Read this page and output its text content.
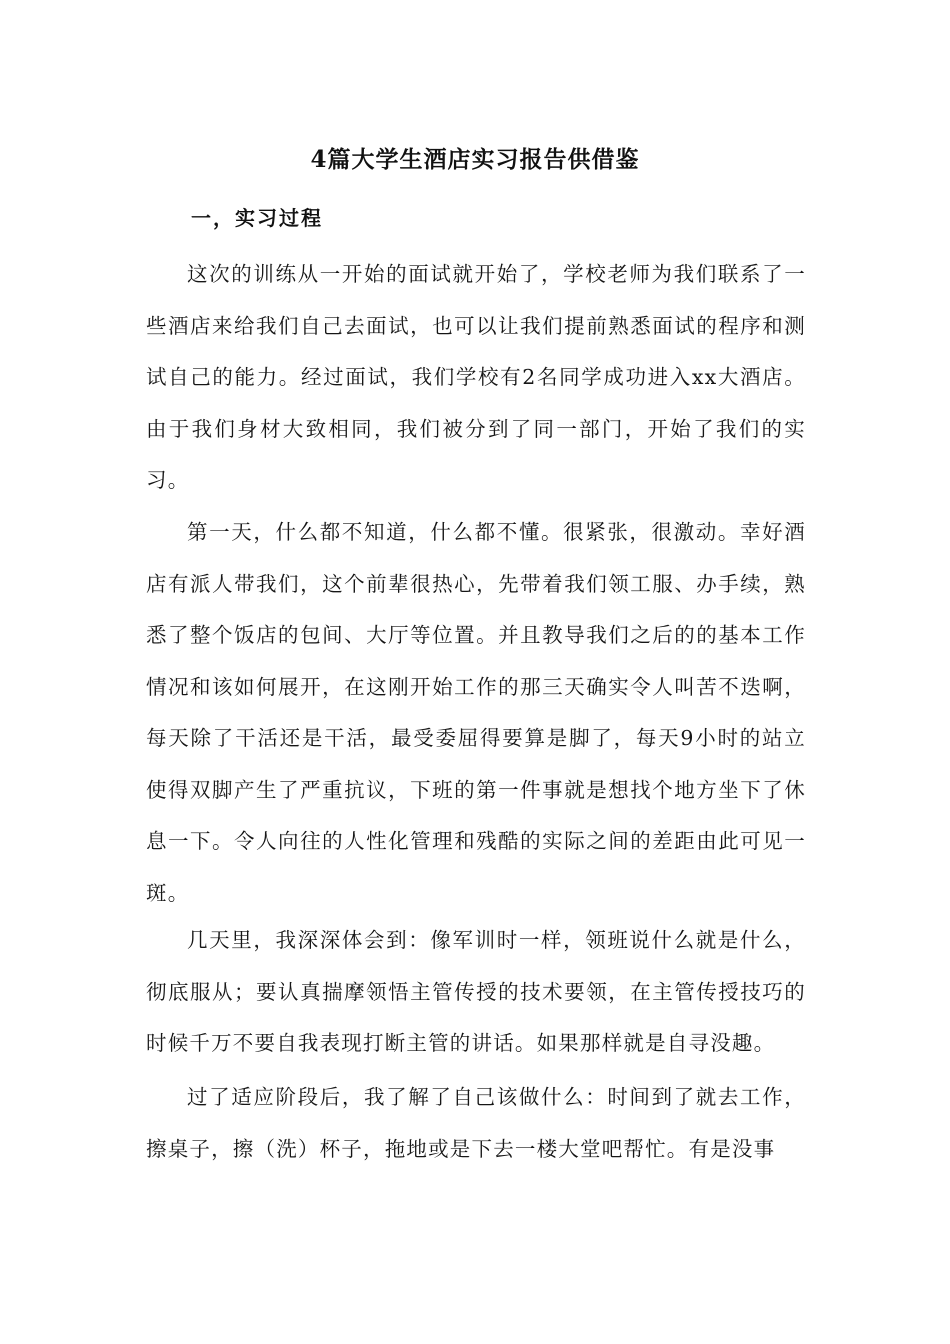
4篇大学生酒店实习报告供借鉴
一，实习过程

这次的训练从一开始的面试就开始了，学校老师为我们联系了一些酒店来给我们自己去面试，也可以让我们提前熟悉面试的程序和测试自己的能力。经过面试，我们学校有2名同学成功进入xx大酒店。由于我们身材大致相同，我们被分到了同一部门，开始了我们的实习。

第一天，什么都不知道，什么都不懂。很紧张，很激动。幸好酒店有派人带我们，这个前辈很热心，先带着我们领工服、办手续，熟悉了整个饭店的包间、大厅等位置。并且教导我们之后的的基本工作情况和该如何展开，在这刚开始工作的那三天确实令人叫苦不迭啊，每天除了干活还是干活，最受委屈得要算是脚了，每天9小时的站立使得双脚产生了严重抗议，下班的第一件事就是想找个地方坐下了休息一下。令人向往的人性化管理和残酷的实际之间的差距由此可见一斑。

几天里，我深深体会到：像军训时一样，领班说什么就是什么，彻底服从；要认真揣摩领悟主管传授的技术要领，在主管传授技巧的时候千万不要自我表现打断主管的讲话。如果那样就是自寻没趣。

过了适应阶段后，我了解了自己该做什么：时间到了就去工作，擦桌子，擦（洗）杯子，拖地或是下去一楼大堂吧帮忙。有是没事
